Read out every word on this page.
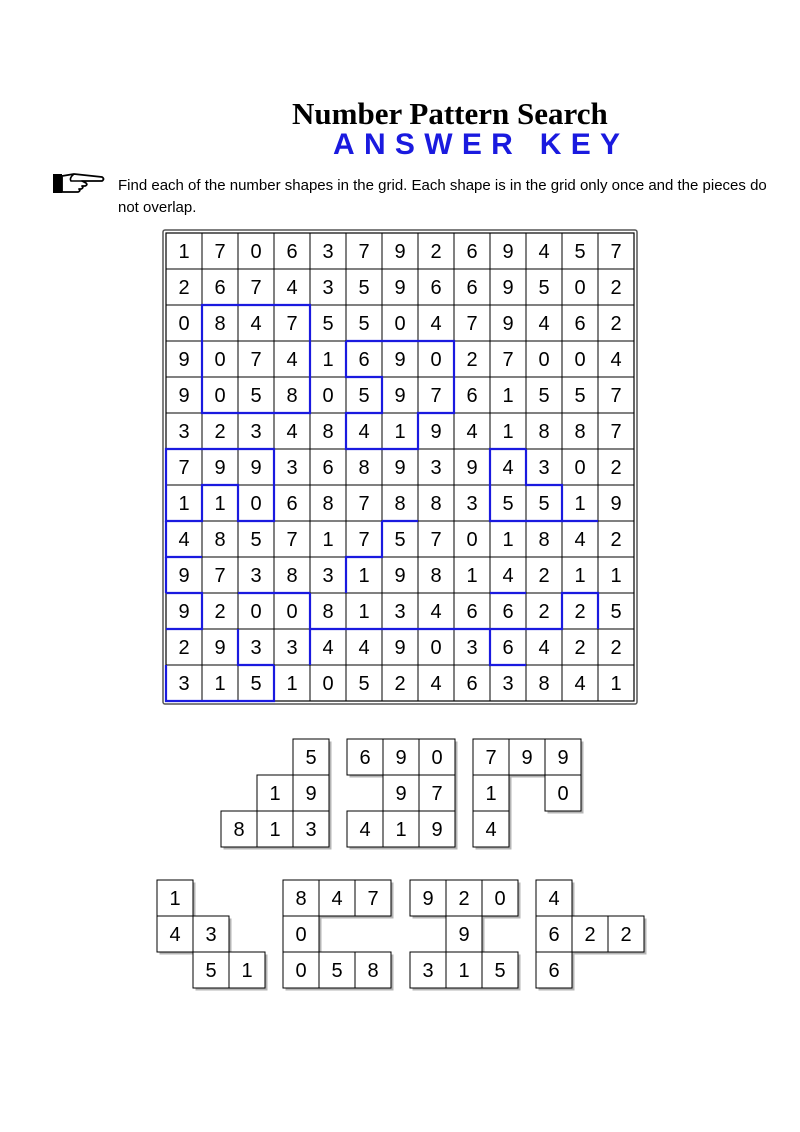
Number Pattern Search
ANSWER KEY
Find each of the number shapes in the grid. Each shape is in the grid only once and the pieces do not overlap.
1 7 0 6 3 7 9 2 6 9 4 5 7
2 6 7 4 3 5 9 6 6 9 5 0 2
0 8 4 7 5 5 0 4 7 9 4 6 2
9 0 7 4 1 6 9 0 2 7 0 0 4
9 0 5 8 0 5 9 7 6 1 5 5 7
3 2 3 4 8 4 1 9 4 1 8 8 7
7 9 9 3 6 8 9 3 9 4 3 0 2
1 1 0 6 8 7 8 8 3 5 5 1 9
4 8 5 7 1 7 5 7 0 1 8 4 2
9 7 3 8 3 1 9 8 1 4 2 1 1
9 2 0 0 8 1 3 4 6 6 2 2 5
2 9 3 3 4 4 9 0 3 6 4 2 2
3 1 5 1 0 5 2 4 6 3 8 4 1
5
1 9
8 1 3
6 9 0
9 7
4 1 9
7 9 9
1	0
4
1
4 3
5 1
8 4 7
0
0 5 8
9 2 0
9
3 1 5
4
6 2 2
6
